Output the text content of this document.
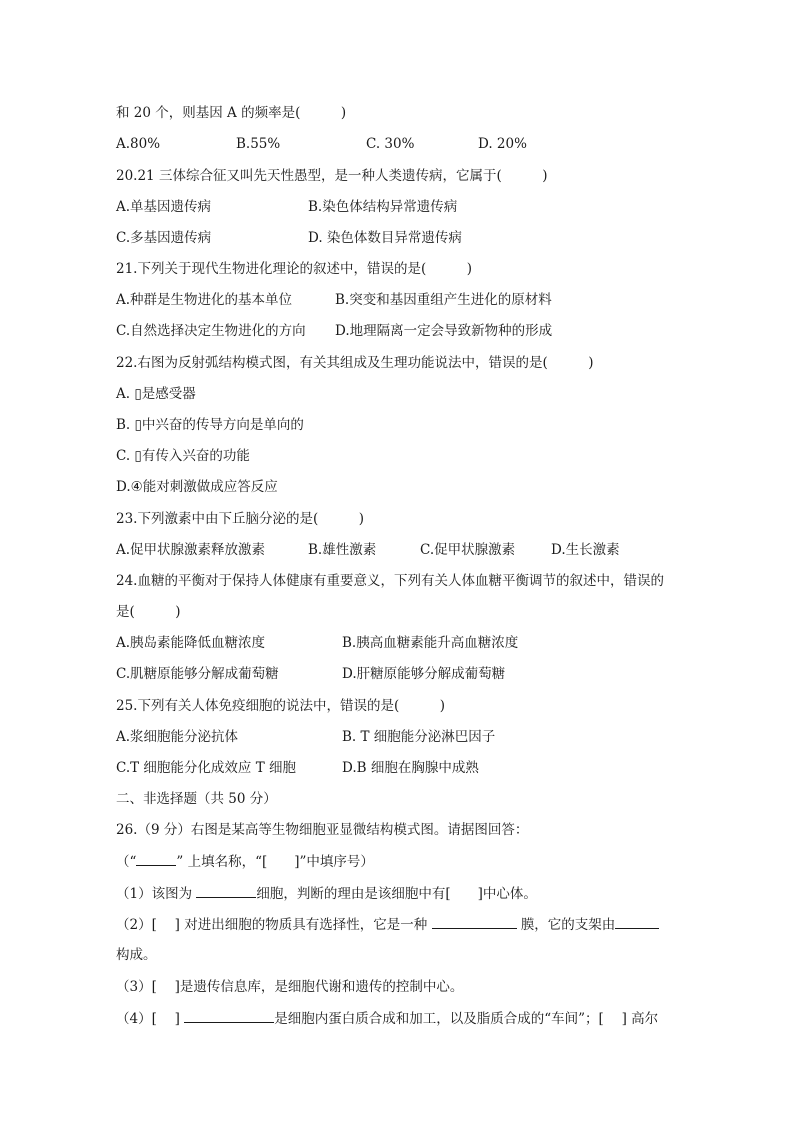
和 20 个，则基因 A 的频率是(　　　)
A.80%	B.55%	C. 30%	D. 20%
20.21 三体综合征又叫先天性愚型，是一种人类遗传病，它属于(　　　)
A.单基因遗传病	B.染色体结构异常遗传病
C.多基因遗传病	D. 染色体数目异常遗传病
21.下列关于现代生物进化理论的叙述中，错误的是(　　　)
A.种群是生物进化的基本单位	B.突变和基因重组产生进化的原材料
C.自然选择决定生物进化的方向 D.地理隔离一定会导致新物种的形成
22.右图为反射弧结构模式图，有关其组成及生理功能说法中，错误的是(　　　)
A. ▯是感受器
B. ▯中兴奋的传导方向是单向的
C. ▯有传入兴奋的功能
D.④能对刺激做成应答反应
23.下列激素中由下丘脑分泌的是(　　　)
A.促甲状腺激素释放激素	B.雄性激素	C.促甲状腺激素	D.生长激素
24.血糖的平衡对于保持人体健康有重要意义，下列有关人体血糖平衡调节的叙述中，错误的
是(　　　)
A.胰岛素能降低血糖浓度	B.胰高血糖素能升高血糖浓度
C.肌糖原能够分解成葡萄糖	D.肝糖原能够分解成葡萄糖
25.下列有关人体免疫细胞的说法中，错误的是(　　　)
A.浆细胞能分泌抗体	B. T 细胞能分泌淋巴因子
C.T 细胞能分化成效应 T 细胞	D.B 细胞在胸腺中成熟
二、非选择题（共 50 分）
26.（9 分）右图是某高等生物细胞亚显微结构模式图。请据图回答：
（“	” 上填名称，“[　　]”中填序号）
（1）该图为	细胞，判断的理由是该细胞中有[　　]中心体。
（2）[　 ] 对进出细胞的物质具有选择性，它是一种	膜，它的支架由
构成。
（3）[　 ]是遗传信息库，是细胞代谢和遗传的控制中心。
（4）[　 ]	是细胞内蛋白质合成和加工，以及脂质合成的“车间”；[　 ] 高尔
